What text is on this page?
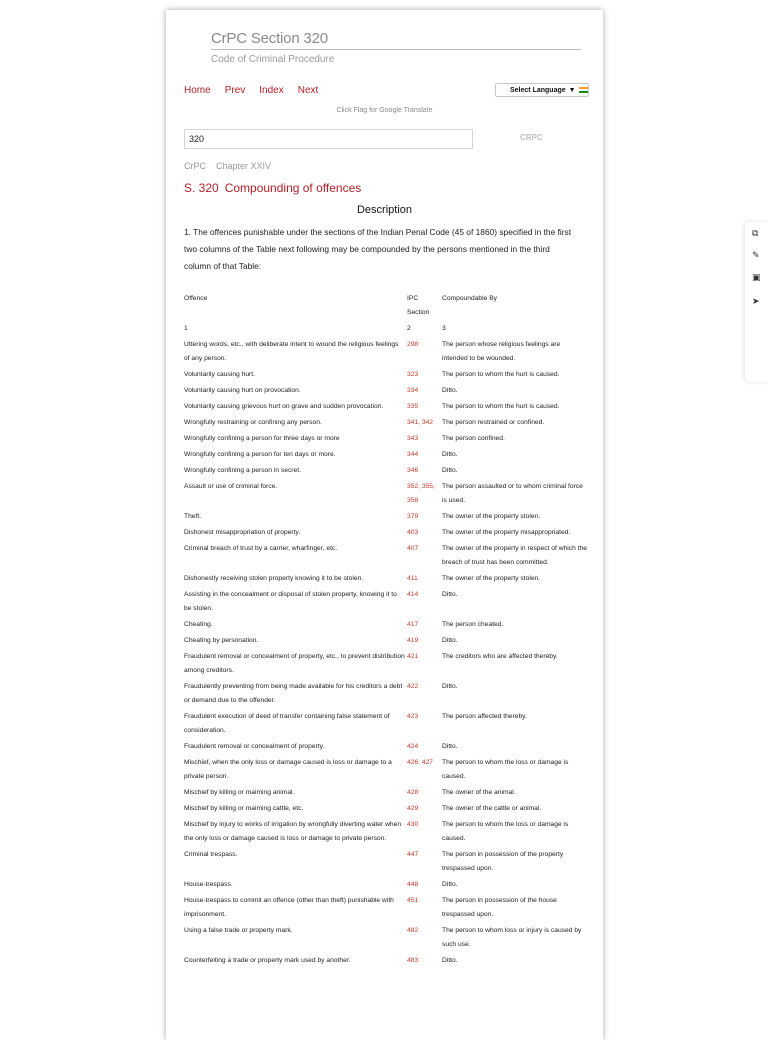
CrPC Section 320
Code of Criminal Procedure
Home Prev Index Next	Select Language ▼
Click Flag for Google Translate
320	CRPC
CrPC Chapter XXIV
S. 320 Compounding of offences
Description
1. The offences punishable under the sections of the Indian Penal Code (45 of 1860) specified in the first two columns of the Table next following may be compounded by the persons mentioned in the third column of that Table:
Offence	IPC Section	Compoundable By
1	2	3
Uttering words, etc., with deliberate intent to wound the religious feelings of any person.	298	The person whose religious feelings are intended to be wounded.
Voluntarily causing hurt.	323	The person to whom the hurt is caused.
Voluntarily causing hurt on provocation.	334	Ditto.
Voluntarily causing grievous hurt on grave and sudden provocation.	335	The person to whom the hurt is caused.
Wrongfully restraining or confining any person.	341, 342	The person restrained or confined.
Wrongfully confining a person for three days or more	343	The person confined.
Wrongfully confining a person for ten days or more.	344	Ditto.
Wrongfully confining a person in secret.	346	Ditto.
Assault or use of criminal force.	352, 355, 358	The person assaulted or to whom criminal force is used.
Theft.	379	The owner of the property stolen.
Dishonest misappropriation of property.	403	The owner of the property misappropriated.
Criminal breach of trust by a carrier, wharfinger, etc.	407	The owner of the property in respect of which the breach of trust has been committed.
Dishonestly receiving stolen property knowing it to be stolen.	411	The owner of the property stolen.
Assisting in the concealment or disposal of stolen property, knowing it to be stolen.	414	Ditto.
Cheating.	417	The person cheated.
Cheating by personation.	419	Ditto.
Fraudulent removal or concealment of property, etc., to prevent distribution among creditors.	421	The creditors who are affected thereby.
Fraudulently preventing from being made available for his creditors a debt or demand due to the offender.	422	Ditto.
Fraudulent execution of deed of transfer containing false statement of consideration.	423	The person affected thereby.
Fraudulent removal or concealment of property.	424	Ditto.
Mischief, when the only loss or damage caused is loss or damage to a private person.	426, 427	The person to whom the loss or damage is caused.
Mischief by killing or maiming animal.	428	The owner of the animal.
Mischief by killing or maiming cattle, etc.	429	The owner of the cattle or animal.
Mischief by injury to works of irrigation by wrongfully diverting water when the only loss or damage caused is loss or damage to private person.	430	The person to whom the loss or damage is caused.
Criminal trespass.	447	The person in possession of the property trespassed upon.
House-trespass.	448	Ditto.
House-trespass to commit an offence (other than theft) punishable with imprisonment.	451	The person in possession of the house trespassed upon.
Using a false trade or property mark.	482	The person to whom loss or injury is caused by such use.
Counterfeiting a trade or property mark used by another.	483	Ditto.
⧉
✎
▣
➤
